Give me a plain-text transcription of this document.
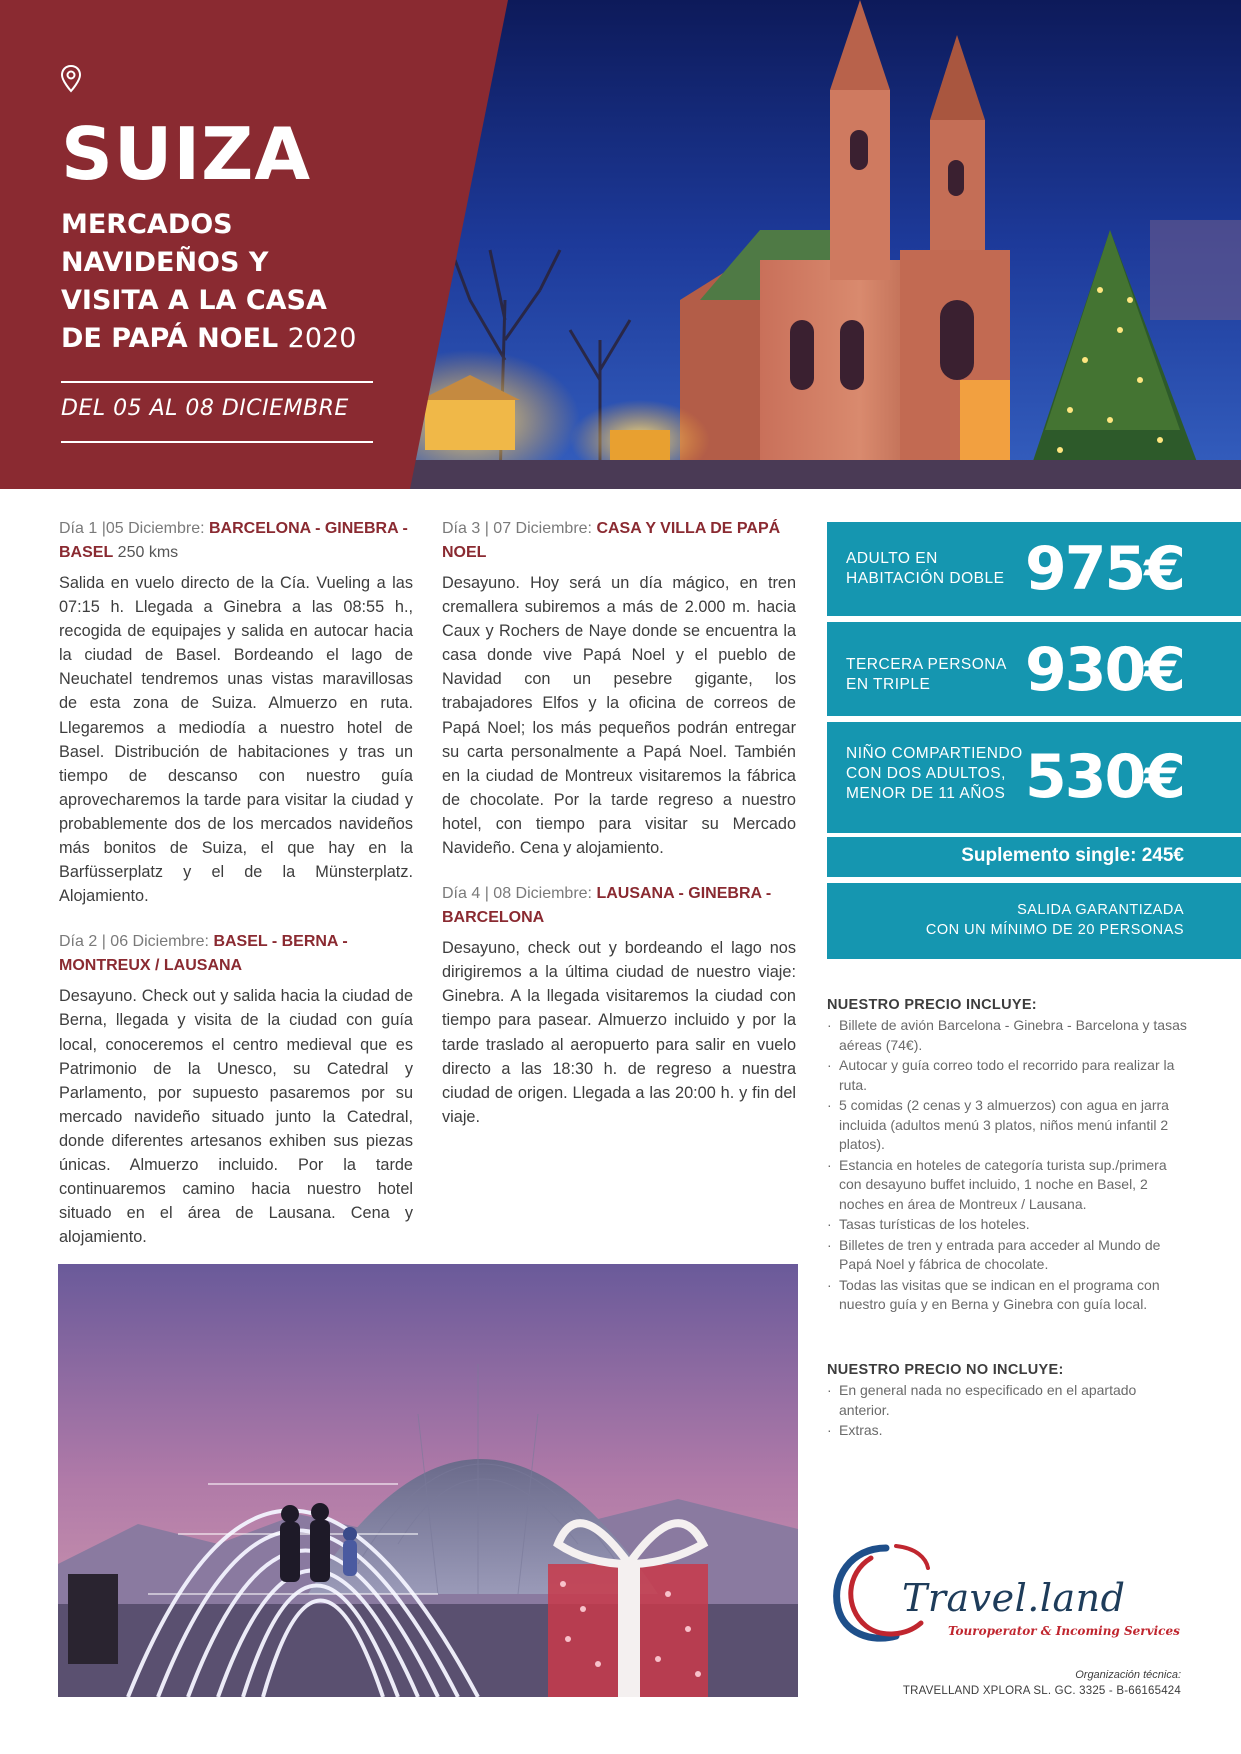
SUIZA
MERCADOS
NAVIDEÑOS Y
VISITA A LA CASA
DE PAPÁ NOEL 2020
DEL 05 AL 08 DICIEMBRE
Día 1 |05 Diciembre: BARCELONA - GINEBRA - BASEL 250 kms
Salida en vuelo directo de la Cía. Vueling a las 07:15 h. Llegada a Ginebra a las 08:55 h., recogida de equipajes y salida en autocar hacia la ciudad de Basel. Bordeando el lago de Neuchatel tendremos unas vistas maravillosas de esta zona de Suiza. Almuerzo en ruta. Llegaremos a mediodía a nuestro hotel de Basel. Distribución de habitaciones y tras un tiempo de descanso con nuestro guía aprovecharemos la tarde para visitar la ciudad y probablemente dos de los mercados navideños más bonitos de Suiza, el que hay en la Barfüsserplatz y el de la Münsterplatz. Alojamiento.
Día 2 | 06 Diciembre: BASEL - BERNA - MONTREUX / LAUSANA
Desayuno. Check out y salida hacia la ciudad de Berna, llegada y visita de la ciudad con guía local, conoceremos el centro medieval que es Patrimonio de la Unesco, su Catedral y Parlamento, por supuesto pasaremos por su mercado navideño situado junto la Catedral, donde diferentes artesanos exhiben sus piezas únicas. Almuerzo incluido. Por la tarde continuaremos camino hacia nuestro hotel situado en el área de Lausana. Cena y alojamiento.
Día 3 | 07 Diciembre: CASA Y VILLA DE PAPÁ NOEL
Desayuno. Hoy será un día mágico, en tren cremallera subiremos a más de 2.000 m. hacia Caux y Rochers de Naye donde se encuentra la casa donde vive Papá Noel y el pueblo de Navidad con un pesebre gigante, los trabajadores Elfos y la oficina de correos de Papá Noel; los más pequeños podrán entregar su carta personalmente a Papá Noel. También en la ciudad de Montreux visitaremos la fábrica de chocolate. Por la tarde regreso a nuestro hotel, con tiempo para visitar su Mercado Navideño. Cena y alojamiento.
Día 4 | 08 Diciembre: LAUSANA - GINEBRA - BARCELONA
Desayuno, check out y bordeando el lago nos dirigiremos a la última ciudad de nuestro viaje: Ginebra. A la llegada visitaremos la ciudad con tiempo para pasear. Almuerzo incluido y por la tarde traslado al aeropuerto para salir en vuelo directo a las 18:30 h. de regreso a nuestra ciudad de origen. Llegada a las 20:00 h. y fin del viaje.
ADULTO EN
HABITACIÓN DOBLE 975€
TERCERA PERSONA
EN TRIPLE	930€
NIÑO COMPARTIENDO
CON DOS ADULTOS,
MENOR DE 11 AÑOS 530€
Suplemento single: 245€
SALIDA GARANTIZADA
CON UN MÍNIMO DE 20 PERSONAS
NUESTRO PRECIO INCLUYE:
· Billete de avión Barcelona - Ginebra - Barcelona y tasas aéreas (74€).
· Autocar y guía correo todo el recorrido para realizar la ruta.
· 5 comidas (2 cenas y 3 almuerzos) con agua en jarra incluida (adultos menú 3 platos, niños menú infantil 2 platos).
· Estancia en hoteles de categoría turista sup./primera con desayuno buffet incluido, 1 noche en Basel, 2 noches en área de Montreux / Lausana.
· Tasas turísticas de los hoteles.
· Billetes de tren y entrada para acceder al Mundo de Papá Noel y fábrica de chocolate.
· Todas las visitas que se indican en el programa con nuestro guía y en Berna y Ginebra con guía local.
NUESTRO PRECIO NO INCLUYE:
· En general nada no especificado en el apartado anterior.
· Extras.
Travel.land
Touroperator & Incoming Services
Organización técnica:
TRAVELLAND XPLORA SL. GC. 3325 - B-66165424
